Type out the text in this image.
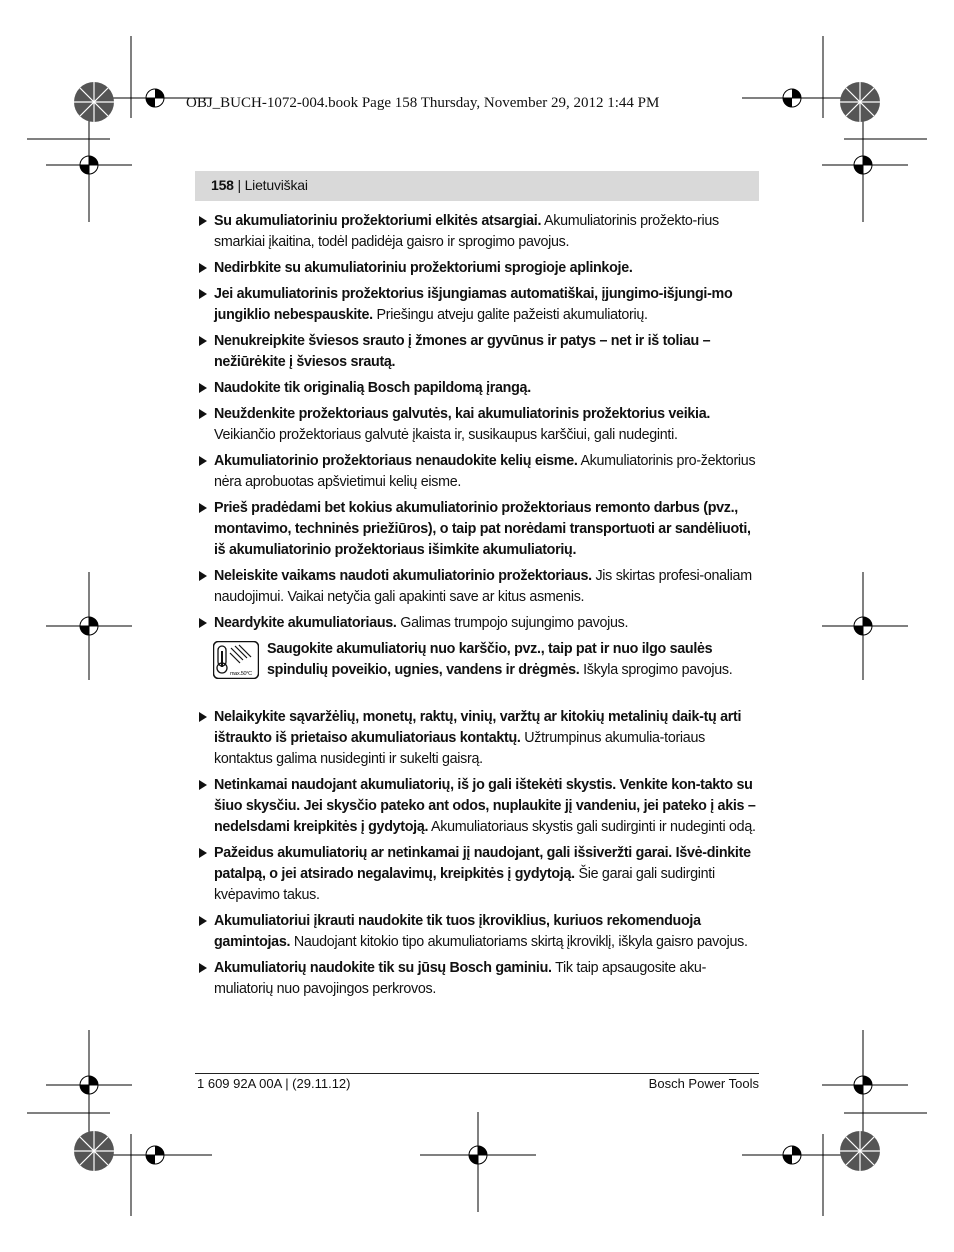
OBJ_BUCH-1072-004.book Page 158 Thursday, November 29, 2012 1:44 PM
158 | Lietuviškai
Su akumuliatoriniu prožektoriumi elkitės atsargiai. Akumuliatorinis prožekto-rius smarkiai įkaitina, todėl padidėja gaisro ir sprogimo pavojus.
Nedirbkite su akumuliatoriniu prožektoriumi sprogioje aplinkoje.
Jei akumuliatorinis prožektorius išjungiamas automatiškai, įjungimo-išjungi-mo jungiklio nebespauskite. Priešingu atveju galite pažeisti akumuliatorių.
Nenukreipkite šviesos srauto į žmones ar gyvūnus ir patys – net ir iš toliau – nežiūrėkite į šviesos srautą.
Naudokite tik originalią Bosch papildomą įrangą.
Neuždenkite prožektoriaus galvutės, kai akumuliatorinis prožektorius veikia. Veikiančio prožektoriaus galvutė įkaista ir, susikaupus karščiui, gali nudeginti.
Akumuliatorinio prožektoriaus nenaudokite kelių eisme. Akumuliatorinis pro-žektorius nėra aprobuotas apšvietimui kelių eisme.
Prieš pradėdami bet kokius akumuliatorinio prožektoriaus remonto darbus (pvz., montavimo, techninės priežiūros), o taip pat norėdami transportuoti ar sandėliuoti, iš akumuliatorinio prožektoriaus išimkite akumuliatorių.
Neleiskite vaikams naudoti akumuliatorinio prožektoriaus. Jis skirtas profesi-onaliam naudojimui. Vaikai netyčia gali apakinti save ar kitus asmenis.
Neardykite akumuliatoriaus. Galimas trumpojo sujungimo pavojus.
max.50°C
Saugokite akumuliatorių nuo karščio, pvz., taip pat ir nuo ilgo saulės spindulių poveikio, ugnies, vandens ir drėgmės. Iškyla sprogimo pavojus.
Nelaikykite sąvaržėlių, monetų, raktų, vinių, varžtų ar kitokių metalinių daik-tų arti ištraukto iš prietaiso akumuliatoriaus kontaktų. Užtrumpinus akumulia-toriaus kontaktus galima nusideginti ir sukelti gaisrą.
Netinkamai naudojant akumuliatorių, iš jo gali ištekėti skystis. Venkite kon-takto su šiuo skysčiu. Jei skysčio pateko ant odos, nuplaukite jį vandeniu, jei pateko į akis – nedelsdami kreipkitės į gydytoją. Akumuliatoriaus skystis gali sudirginti ir nudeginti odą.
Pažeidus akumuliatorių ar netinkamai jį naudojant, gali išsiveržti garai. Išvė-dinkite patalpą, o jei atsirado negalavimų, kreipkitės į gydytoją. Šie garai gali sudirginti kvėpavimo takus.
Akumuliatoriui įkrauti naudokite tik tuos įkroviklius, kuriuos rekomenduoja gamintojas. Naudojant kitokio tipo akumuliatoriams skirtą įkroviklį, iškyla gaisro pavojus.
Akumuliatorių naudokite tik su jūsų Bosch gaminiu. Tik taip apsaugosite aku-muliatorių nuo pavojingos perkrovos.
1 609 92A 00A | (29.11.12)	Bosch Power Tools
